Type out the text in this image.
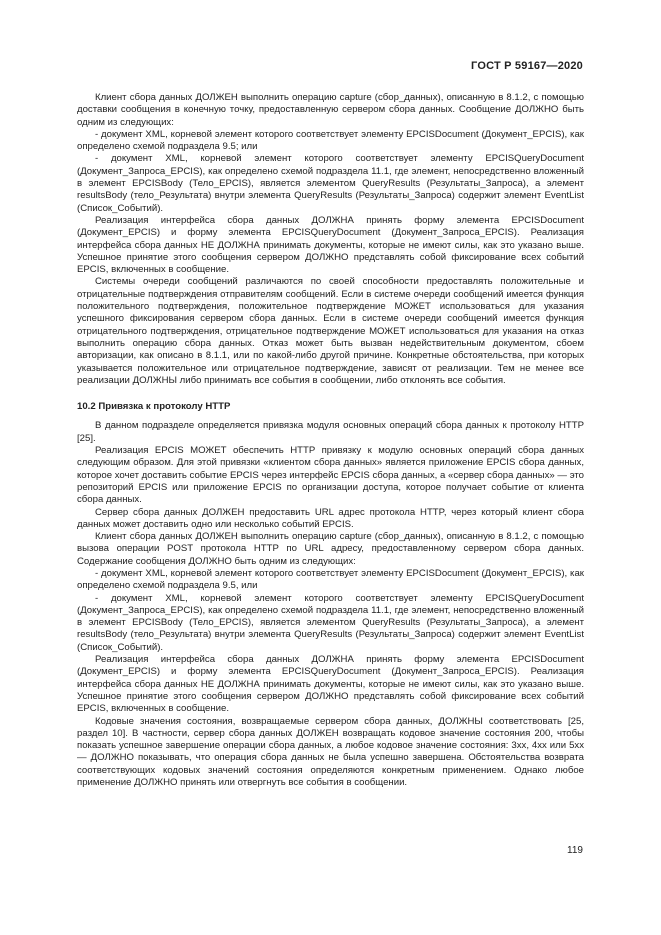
ГОСТ Р 59167—2020

Клиент сбора данных ДОЛЖЕН выполнить операцию capture (сбор_данных), описанную в 8.1.2, с помощью доставки сообщения в конечную точку, предоставленную сервером сбора данных. Сообщение ДОЛЖНО быть одним из следующих:

- документ XML, корневой элемент которого соответствует элементу EPCISDocument (Документ_EPCIS), как определено схемой подраздела 9.5; или

- документ XML, корневой элемент которого соответствует элементу EPCISQueryDocument (Документ_Запроса_EPCIS), как определено схемой подраздела 11.1, где элемент, непосредственно вложенный в элемент EPCISBody (Тело_EPCIS), является элементом QueryResults (Результаты_Запроса), а элемент resultsBody (тело_Результата) внутри элемента QueryResults (Результаты_Запроса) содержит элемент EventList (Список_Событий).

Реализация интерфейса сбора данных ДОЛЖНА принять форму элемента EPCISDocument (Документ_EPCIS) и форму элемента EPCISQueryDocument (Документ_Запроса_EPCIS). Реализация интерфейса сбора данных НЕ ДОЛЖНА принимать документы, которые не имеют силы, как это указано выше. Успешное принятие этого сообщения сервером ДОЛЖНО представлять собой фиксирование всех событий EPCIS, включенных в сообщение.

Системы очереди сообщений различаются по своей способности предоставлять положительные и отрицательные подтверждения отправителям сообщений. Если в системе очереди сообщений имеется функция положительного подтверждения, положительное подтверждение МОЖЕТ использоваться для указания успешного фиксирования сервером сбора данных. Если в системе очереди сообщений имеется функция отрицательного подтверждения, отрицательное подтверждение МОЖЕТ использоваться для указания на отказ выполнить операцию сбора данных. Отказ может быть вызван недействительным документом, сбоем авторизации, как описано в 8.1.1, или по какой-либо другой причине. Конкретные обстоятельства, при которых указывается положительное или отрицательное подтверждение, зависят от реализации. Тем не менее все реализации ДОЛЖНЫ либо принимать все события в сообщении, либо отклонять все события.

10.2 Привязка к протоколу HTTP

В данном подразделе определяется привязка модуля основных операций сбора данных к протоколу HTTP [25].

Реализация EPCIS МОЖЕТ обеспечить HTTP привязку к модулю основных операций сбора данных следующим образом. Для этой привязки «клиентом сбора данных» является приложение EPCIS сбора данных, которое хочет доставить событие EPCIS через интерфейс EPCIS сбора данных, а «сервер сбора данных» — это репозиторий EPCIS или приложение EPCIS по организации доступа, которое получает событие от клиента сбора данных.

Сервер сбора данных ДОЛЖЕН предоставить URL адрес протокола HTTP, через который клиент сбора данных может доставить одно или несколько событий EPCIS.

Клиент сбора данных ДОЛЖЕН выполнить операцию capture (сбор_данных), описанную в 8.1.2, с помощью вызова операции POST протокола HTTP по URL адресу, предоставленному сервером сбора данных. Содержание сообщения ДОЛЖНО быть одним из следующих:

- документ XML, корневой элемент которого соответствует элементу EPCISDocument (Документ_EPCIS), как определено схемой подраздела 9.5, или

- документ XML, корневой элемент которого соответствует элементу EPCISQueryDocument (Документ_Запроса_EPCIS), как определено схемой подраздела 11.1, где элемент, непосредственно вложенный в элемент EPCISBody (Тело_EPCIS), является элементом QueryResults (Результаты_Запроса), а элемент resultsBody (тело_Результата) внутри элемента QueryResults (Результаты_Запроса) содержит элемент EventList (Список_Событий).

Реализация интерфейса сбора данных ДОЛЖНА принять форму элемента EPCISDocument (Документ_EPCIS) и форму элемента EPCISQueryDocument (Документ_Запроса_EPCIS). Реализация интерфейса сбора данных НЕ ДОЛЖНА принимать документы, которые не имеют силы, как это указано выше. Успешное принятие этого сообщения сервером ДОЛЖНО представлять собой фиксирование всех событий EPCIS, включенных в сообщение.

Кодовые значения состояния, возвращаемые сервером сбора данных, ДОЛЖНЫ соответствовать [25, раздел 10]. В частности, сервер сбора данных ДОЛЖЕН возвращать кодовое значение состояния 200, чтобы показать успешное завершение операции сбора данных, а любое кодовое значение состояния: 3xx, 4xx или 5xx — ДОЛЖНО показывать, что операция сбора данных не была успешно завершена. Обстоятельства возврата соответствующих кодовых значений состояния определяются конкретным применением. Однако любое применение ДОЛЖНО принять или отвергнуть все события в сообщении.

119
